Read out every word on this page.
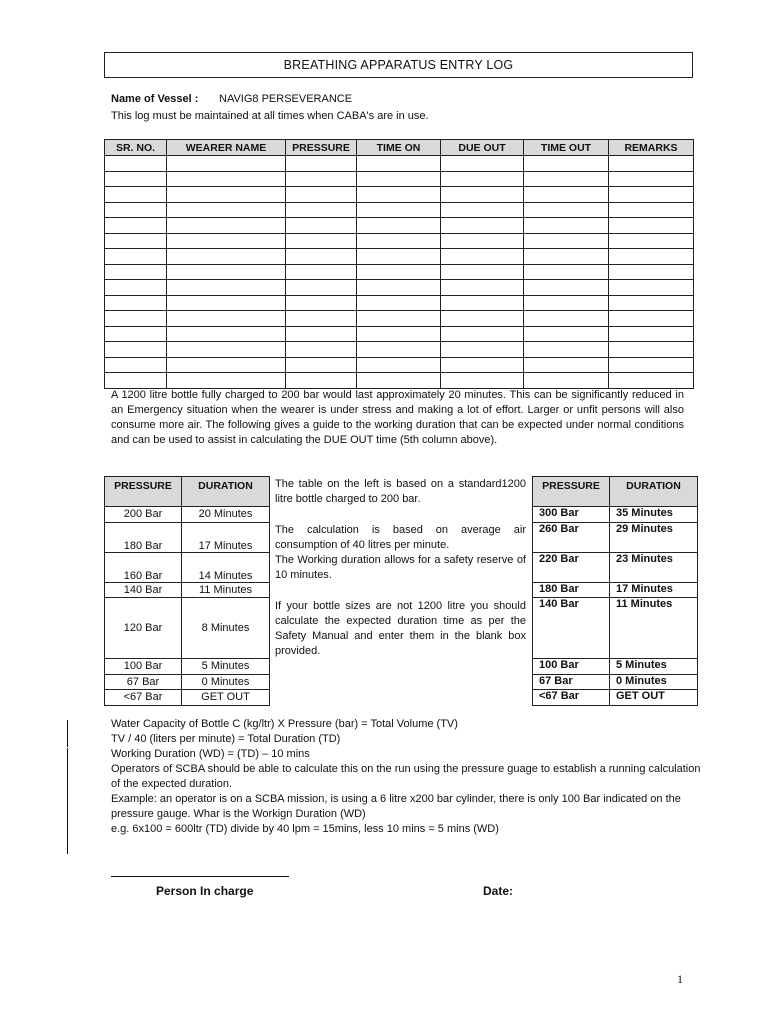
BREATHING APPARATUS ENTRY LOG
Name of Vessel : NAVIG8 PERSEVERANCE
This log must be maintained at all times when CABA's are in use.
SR. NO.	WEARER NAME	PRESSURE	TIME ON	DUE OUT	TIME OUT	REMARKS

A 1200 litre bottle fully charged to 200 bar would last approximately 20 minutes. This can be significantly reduced in an Emergency situation when the wearer is under stress and making a lot of effort. Larger or unfit persons will also consume more air. The following gives a guide to the working duration that can be expected under normal conditions and can be used to assist in calculating the DUE OUT time (5th column above).
PRESSURE	DURATION
200 Bar	20 Minutes
180 Bar	17 Minutes
160 Bar	14 Minutes
140 Bar	11 Minutes
120 Bar	8 Minutes
100 Bar	5 Minutes
67 Bar	0 Minutes
<67 Bar	GET OUT
The table on the left is based on a standard1200 litre bottle charged to 200 bar.
The calculation is based on average air consumption of 40 litres per minute.
The Working duration allows for a safety reserve of 10 minutes.
If your bottle sizes are not 1200 litre you should calculate the expected duration time as per the Safety Manual and enter them in the blank box provided.
PRESSURE	DURATION
300 Bar	35 Minutes
260 Bar	29 Minutes
220 Bar	23 Minutes
180 Bar	17 Minutes
140 Bar	11 Minutes
100 Bar	5 Minutes
67 Bar	0 Minutes
<67 Bar	GET OUT
Water Capacity of Bottle C (kg/ltr) X Pressure (bar) = Total Volume (TV)
TV / 40 (liters per minute) = Total Duration (TD)
Working Duration (WD) = (TD) – 10 mins
Operators of SCBA should be able to calculate this on the run using the pressure guage to establish a running calculation of the expected duration.
Example: an operator is on a SCBA mission, is using a 6 litre x200 bar cylinder, there is only 100 Bar indicated on the pressure gauge. Whar is the Workign Duration (WD)
e.g. 6x100 = 600ltr (TD) divide by 40 lpm = 15mins, less 10 mins = 5 mins (WD)
Person In charge	Date:
1
